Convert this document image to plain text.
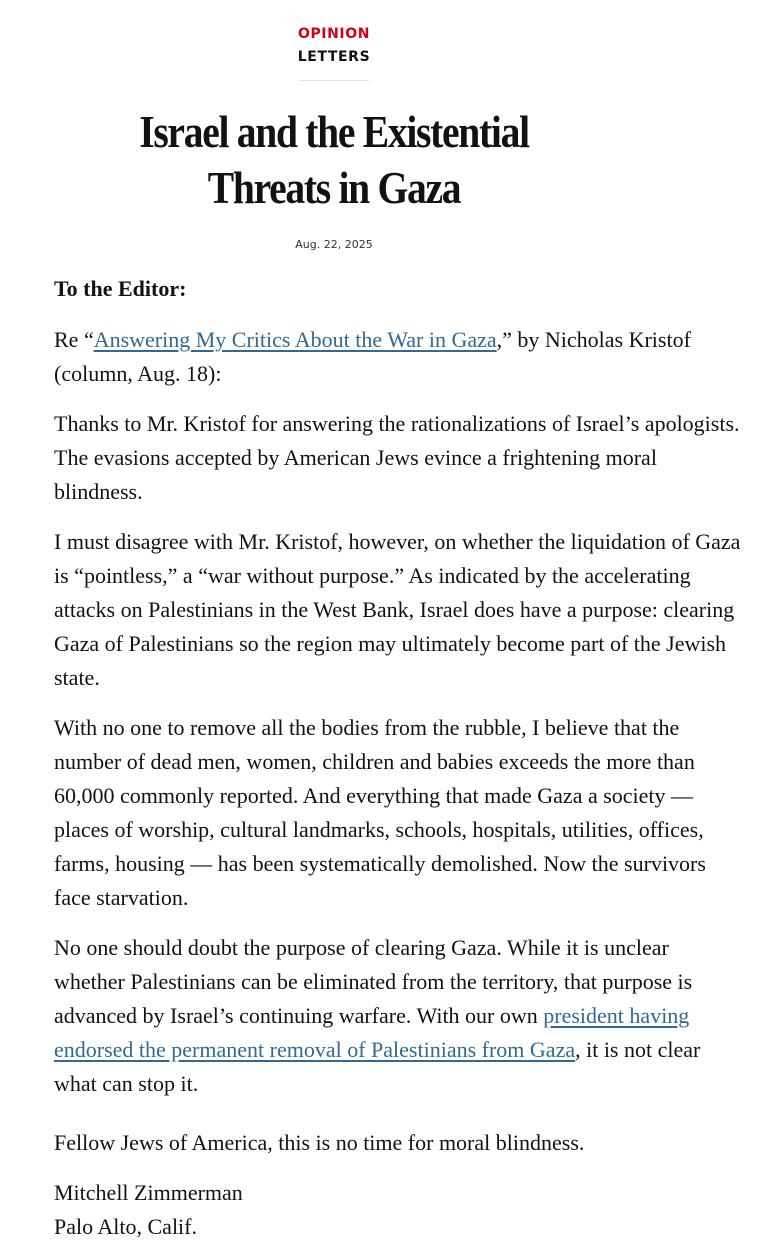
OPINION
LETTERS
Israel and the Existential
Threats in Gaza
Aug. 22, 2025

To the Editor:

Re “Answering My Critics About the War in Gaza,” by Nicholas Kristof (column, Aug. 18):

Thanks to Mr. Kristof for answering the rationalizations of Israel’s apologists. The evasions accepted by American Jews evince a frightening moral blindness.

I must disagree with Mr. Kristof, however, on whether the liquidation of Gaza is “pointless,” a “war without purpose.” As indicated by the accelerating attacks on Palestinians in the West Bank, Israel does have a purpose: clearing Gaza of Palestinians so the region may ultimately become part of the Jewish state.

With no one to remove all the bodies from the rubble, I believe that the number of dead men, women, children and babies exceeds the more than 60,000 commonly reported. And everything that made Gaza a society — places of worship, cultural landmarks, schools, hospitals, utilities, offices, farms, housing — has been systematically demolished. Now the survivors face starvation.

No one should doubt the purpose of clearing Gaza. While it is unclear whether Palestinians can be eliminated from the territory, that purpose is advanced by Israel’s continuing warfare. With our own president having endorsed the permanent removal of Palestinians from Gaza, it is not clear what can stop it.

Fellow Jews of America, this is no time for moral blindness.

Mitchell Zimmerman
Palo Alto, Calif.
